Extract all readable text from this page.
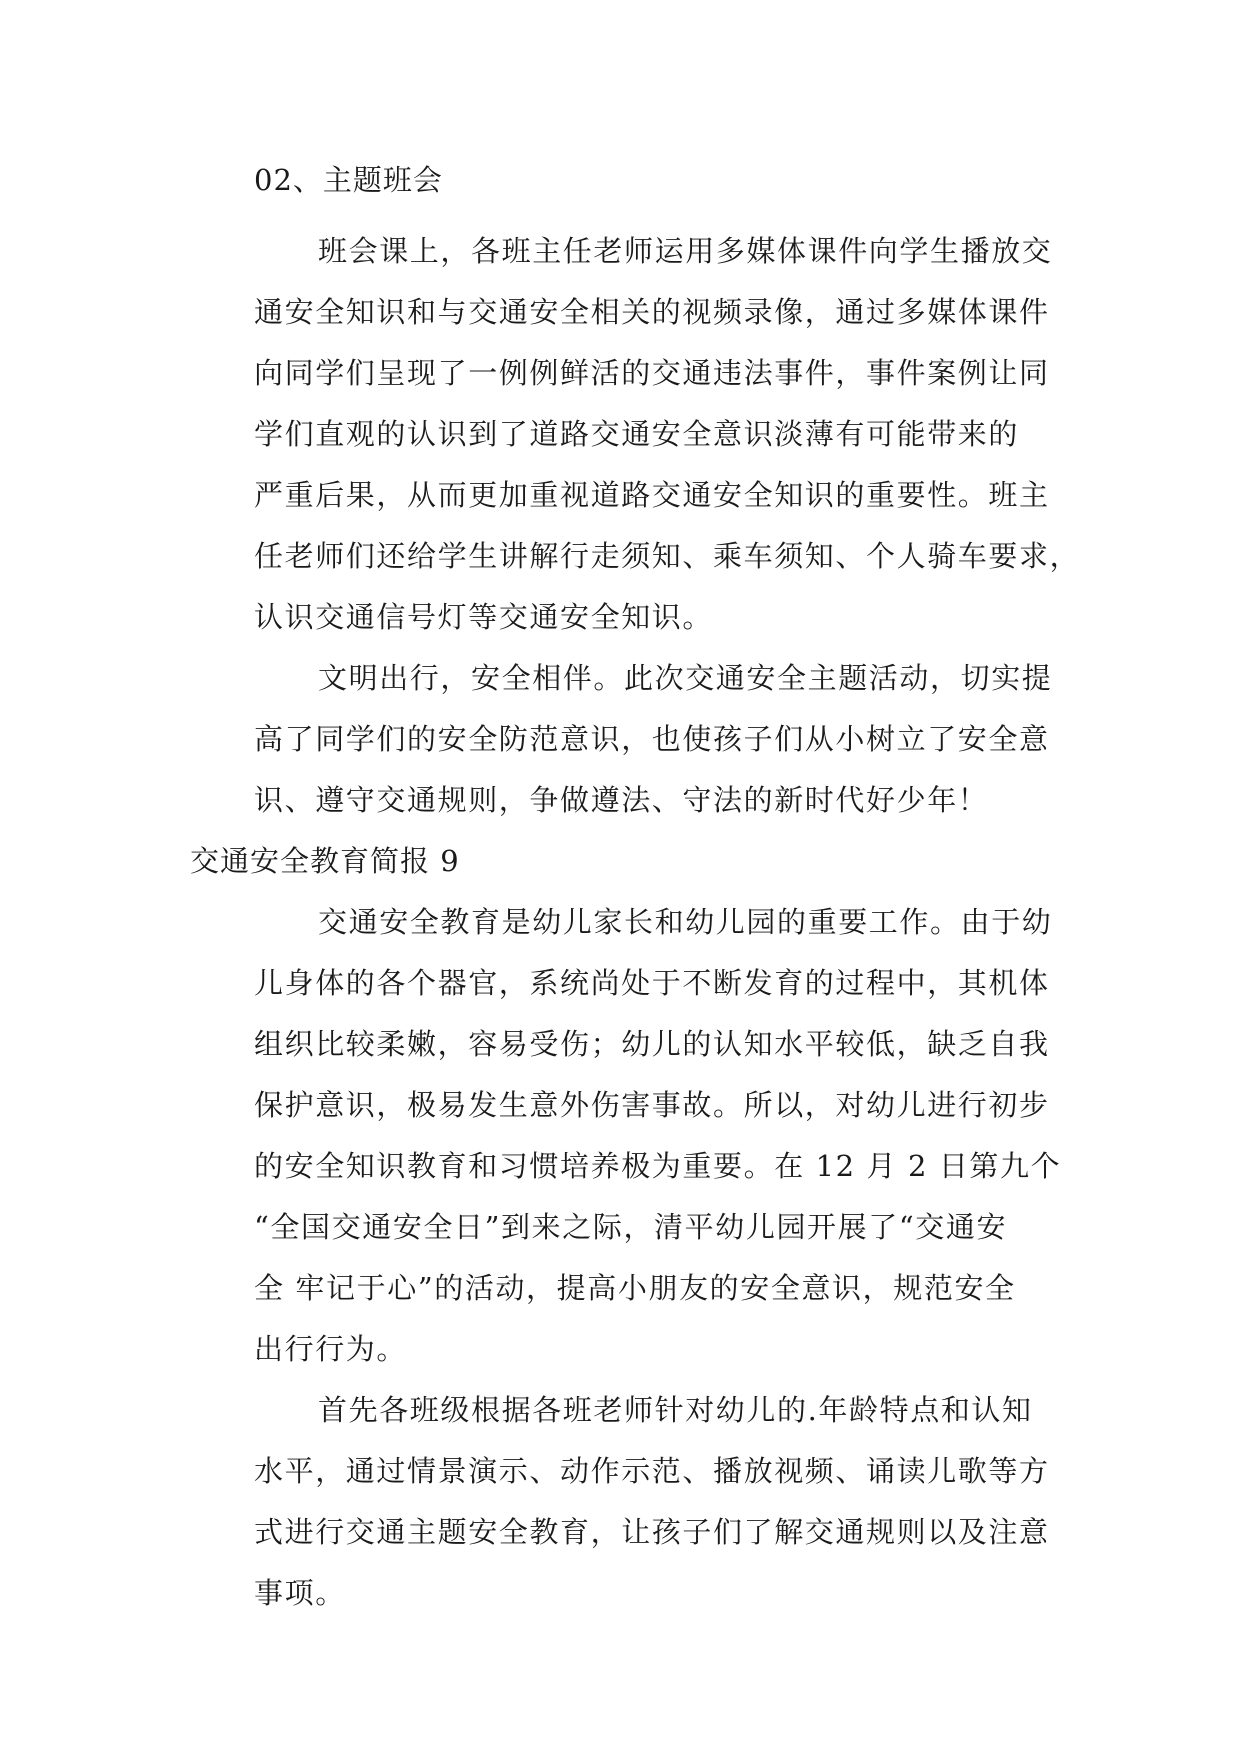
02、主题班会
班会课上，各班主任老师运用多媒体课件向学生播放交
通安全知识和与交通安全相关的视频录像，通过多媒体课件
向同学们呈现了一例例鲜活的交通违法事件，事件案例让同
学们直观的认识到了道路交通安全意识淡薄有可能带来的
严重后果，从而更加重视道路交通安全知识的重要性。班主
任老师们还给学生讲解行走须知、乘车须知、个人骑车要求，
认识交通信号灯等交通安全知识。
文明出行，安全相伴。此次交通安全主题活动，切实提
高了同学们的安全防范意识，也使孩子们从小树立了安全意
识、遵守交通规则，争做遵法、守法的新时代好少年！
交通安全教育简报 9
交通安全教育是幼儿家长和幼儿园的重要工作。由于幼
儿身体的各个器官，系统尚处于不断发育的过程中，其机体
组织比较柔嫩，容易受伤；幼儿的认知水平较低，缺乏自我
保护意识，极易发生意外伤害事故。所以，对幼儿进行初步
的安全知识教育和习惯培养极为重要。在 12 月 2 日第九个
“全国交通安全日”到来之际，清平幼儿园开展了“交通安
全 牢记于心”的活动，提高小朋友的安全意识，规范安全
出行行为。
首先各班级根据各班老师针对幼儿的.年龄特点和认知
水平，通过情景演示、动作示范、播放视频、诵读儿歌等方
式进行交通主题安全教育，让孩子们了解交通规则以及注意
事项。
